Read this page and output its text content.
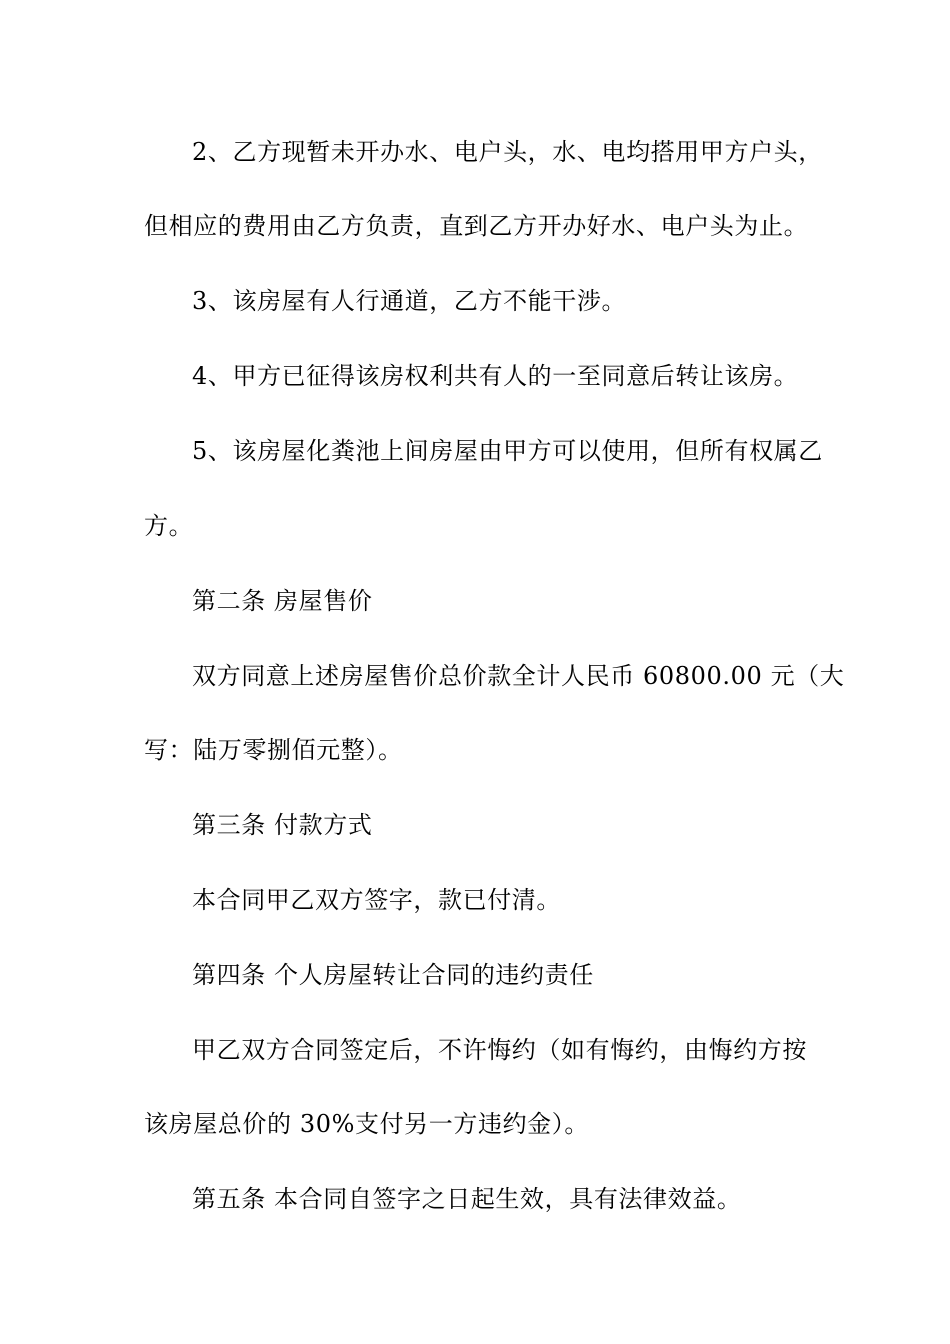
2、乙方现暂未开办水、电户头，水、电均搭用甲方户头，
但相应的费用由乙方负责，直到乙方开办好水、电户头为止。
3、该房屋有人行通道，乙方不能干涉。
4、甲方已征得该房权利共有人的一至同意后转让该房。
5、该房屋化粪池上间房屋由甲方可以使用，但所有权属乙
方。
第二条 房屋售价
双方同意上述房屋售价总价款全计人民币 60800.00 元（大
写：陆万零捌佰元整）。
第三条 付款方式
本合同甲乙双方签字，款已付清。
第四条 个人房屋转让合同的违约责任
甲乙双方合同签定后，不许悔约（如有悔约，由悔约方按
该房屋总价的 30%支付另一方违约金）。
第五条 本合同自签字之日起生效，具有法律效益。
